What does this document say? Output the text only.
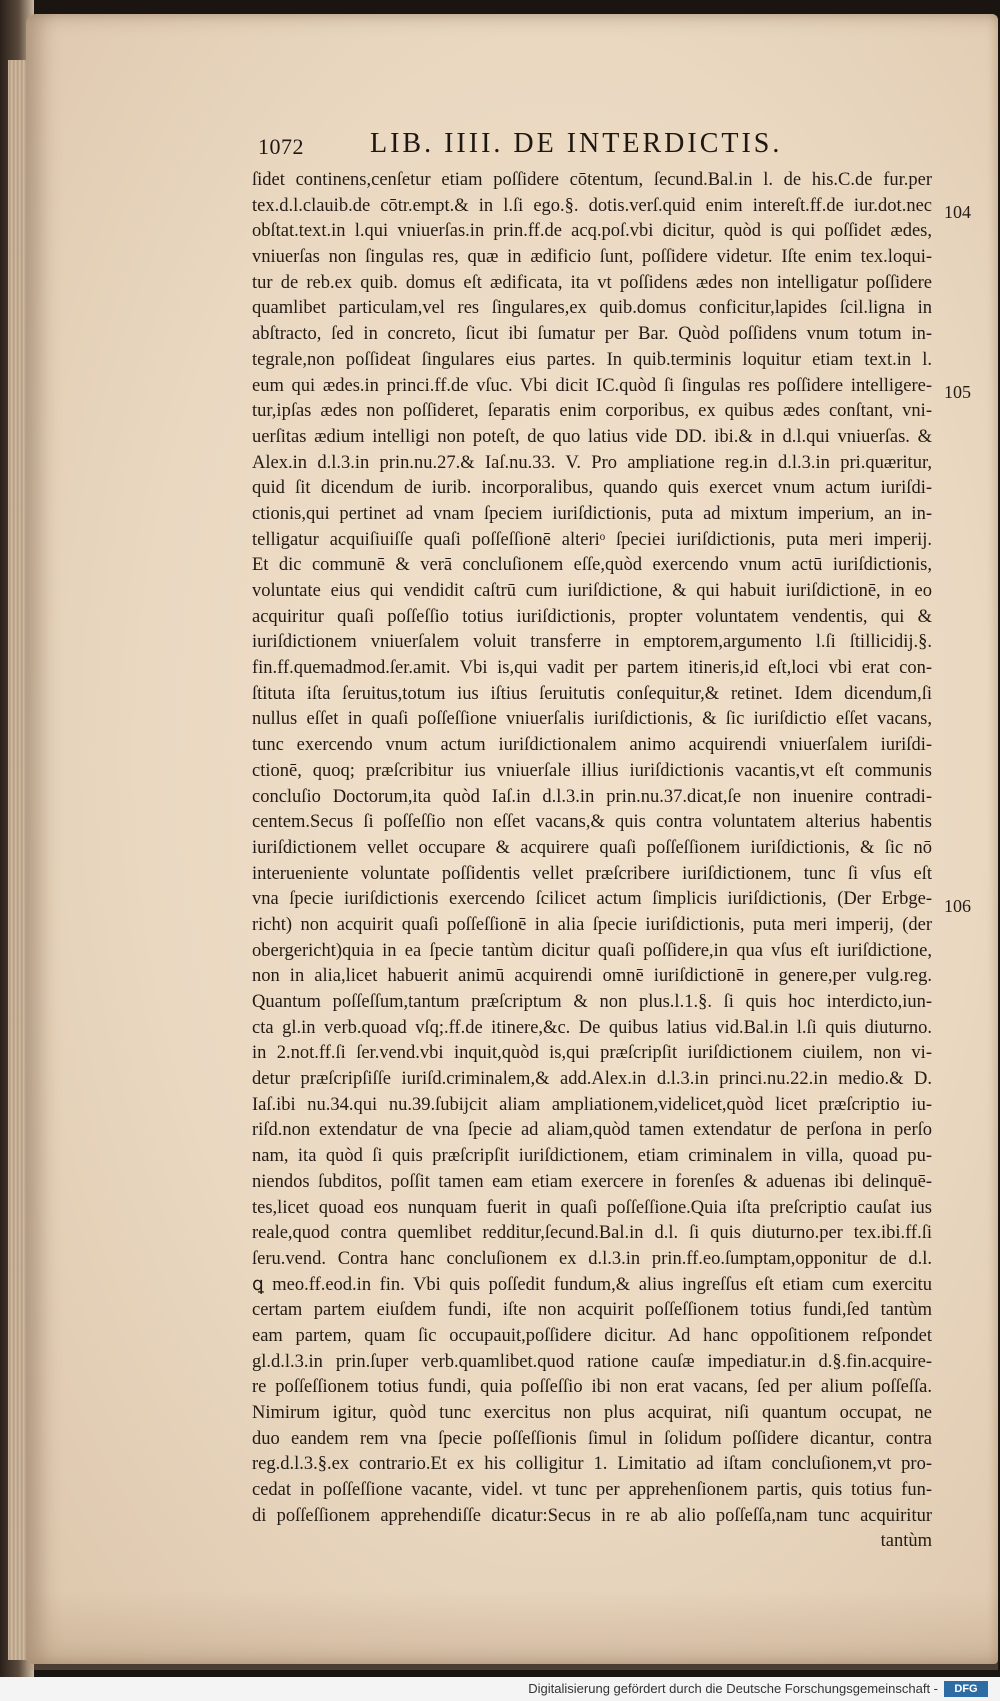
1072 LIB. IIII. DE INTERDICTIS.
ſidet continens,cenſetur etiam poſſidere cōtentum, ſecund.Bal.in l. de his.C.de fur.per
tex.d.l.clauib.de cōtr.empt.& in l.ſi ego.§. dotis.verſ.quid enim intereſt.ff.de iur.dot.nec
obſtat.text.in l.qui vniuerſas.in prin.ff.de acq.poſ.vbi dicitur, quòd is qui poſſidet ædes,
vniuerſas non ſingulas res, quæ in ædificio ſunt, poſſidere videtur. Iſte enim tex.loqui-
tur de reb.ex quib. domus eſt ædificata, ita vt poſſidens ædes non intelligatur poſſidere
quamlibet particulam,vel res ſingulares,ex quib.domus conficitur,lapides ſcil.ligna in
abſtracto, ſed in concreto, ſicut ibi ſumatur per Bar. Quòd poſſidens vnum totum in-
tegrale,non poſſideat ſingulares eius partes. In quib.terminis loquitur etiam text.in l.
eum qui ædes.in princi.ff.de vſuc. Vbi dicit IC.quòd ſi ſingulas res poſſidere intelligere-
tur,ipſas ædes non poſſideret, ſeparatis enim corporibus, ex quibus ædes conſtant, vni-
uerſitas ædium intelligi non poteſt, de quo latius vide DD. ibi.& in d.l.qui vniuerſas. &
Alex.in d.l.3.in prin.nu.27.& Iaſ.nu.33. V. Pro ampliatione reg.in d.l.3.in pri.quæritur,
quid ſit dicendum de iurib. incorporalibus, quando quis exercet vnum actum iuriſdi-
ctionis,qui pertinet ad vnam ſpeciem iuriſdictionis, puta ad mixtum imperium, an in-
telligatur acquiſiuiſſe quaſi poſſeſſionē alteriᵒ ſpeciei iuriſdictionis, puta meri imperij.
Et dic communē & verā concluſionem eſſe,quòd exercendo vnum actū iuriſdictionis,
voluntate eius qui vendidit caſtrū cum iuriſdictione, & qui habuit iuriſdictionē, in eo
acquiritur quaſi poſſeſſio totius iuriſdictionis, propter voluntatem vendentis, qui &
iuriſdictionem vniuerſalem voluit transferre in emptorem,argumento l.ſi ſtillicidij.§.
fin.ff.quemadmod.ſer.amit. Vbi is,qui vadit per partem itineris,id eſt,loci vbi erat con-
ſtituta iſta ſeruitus,totum ius iſtius ſeruitutis conſequitur,& retinet. Idem dicendum,ſi
nullus eſſet in quaſi poſſeſſione vniuerſalis iuriſdictionis, & ſic iuriſdictio eſſet vacans,
tunc exercendo vnum actum iuriſdictionalem animo acquirendi vniuerſalem iuriſdi-
ctionē, quoq; præſcribitur ius vniuerſale illius iuriſdictionis vacantis,vt eſt communis
concluſio Doctorum,ita quòd Iaſ.in d.l.3.in prin.nu.37.dicat,ſe non inuenire contradi-
centem.Secus ſi poſſeſſio non eſſet vacans,& quis contra voluntatem alterius habentis
iuriſdictionem vellet occupare & acquirere quaſi poſſeſſionem iuriſdictionis, & ſic nō
interueniente voluntate poſſidentis vellet præſcribere iuriſdictionem, tunc ſi vſus eſt
vna ſpecie iuriſdictionis exercendo ſcilicet actum ſimplicis iuriſdictionis, (Der Erbge-
richt) non acquirit quaſi poſſeſſionē in alia ſpecie iuriſdictionis, puta meri imperij, (der
obergericht)quia in ea ſpecie tantùm dicitur quaſi poſſidere,in qua vſus eſt iuriſdictione,
non in alia,licet habuerit animū acquirendi omnē iuriſdictionē in genere,per vulg.reg.
Quantum poſſeſſum,tantum præſcriptum & non plus.l.1.§. ſi quis hoc interdicto,iun-
cta gl.in verb.quoad vſq;.ff.de itinere,&c. De quibus latius vid.Bal.in l.ſi quis diuturno.
in 2.not.ff.ſi ſer.vend.vbi inquit,quòd is,qui præſcripſit iuriſdictionem ciuilem, non vi-
detur præſcripſiſſe iuriſd.criminalem,& add.Alex.in d.l.3.in princi.nu.22.in medio.& D.
Iaſ.ibi nu.34.qui nu.39.ſubijcit aliam ampliationem,videlicet,quòd licet præſcriptio iu-
riſd.non extendatur de vna ſpecie ad aliam,quòd tamen extendatur de perſona in perſo
nam, ita quòd ſi quis præſcripſit iuriſdictionem, etiam criminalem in villa, quoad pu-
niendos ſubditos, poſſit tamen eam etiam exercere in forenſes & aduenas ibi delinquē-
tes,licet quoad eos nunquam fuerit in quaſi poſſeſſione.Quia iſta preſcriptio cauſat ius
reale,quod contra quemlibet redditur,ſecund.Bal.in d.l. ſi quis diuturno.per tex.ibi.ff.ſi
ſeru.vend. Contra hanc concluſionem ex d.l.3.in prin.ff.eo.ſumptam,opponitur de d.l.
ꝗ meo.ff.eod.in fin. Vbi quis poſſedit fundum,& alius ingreſſus eſt etiam cum exercitu
certam partem eiuſdem fundi, iſte non acquirit poſſeſſionem totius fundi,ſed tantùm
eam partem, quam ſic occupauit,poſſidere dicitur. Ad hanc oppoſitionem reſpondet
gl.d.l.3.in prin.ſuper verb.quamlibet.quod ratione cauſæ impediatur.in d.§.fin.acquire-
re poſſeſſionem totius fundi, quia poſſeſſio ibi non erat vacans, ſed per alium poſſeſſa.
Nimirum igitur, quòd tunc exercitus non plus acquirat, niſi quantum occupat, ne
duo eandem rem vna ſpecie poſſeſſionis ſimul in ſolidum poſſidere dicantur, contra
reg.d.l.3.§.ex contrario.Et ex his colligitur 1. Limitatio ad iſtam concluſionem,vt pro-
cedat in poſſeſſione vacante, videl. vt tunc per apprehenſionem partis, quis totius fun-
di poſſeſſionem apprehendiſſe dicatur:Secus in re ab alio poſſeſſa,nam tunc acquiritur
tantùm
104
105
106
Digitalisierung gefördert durch die Deutsche Forschungsgemeinschaft -	DFG
